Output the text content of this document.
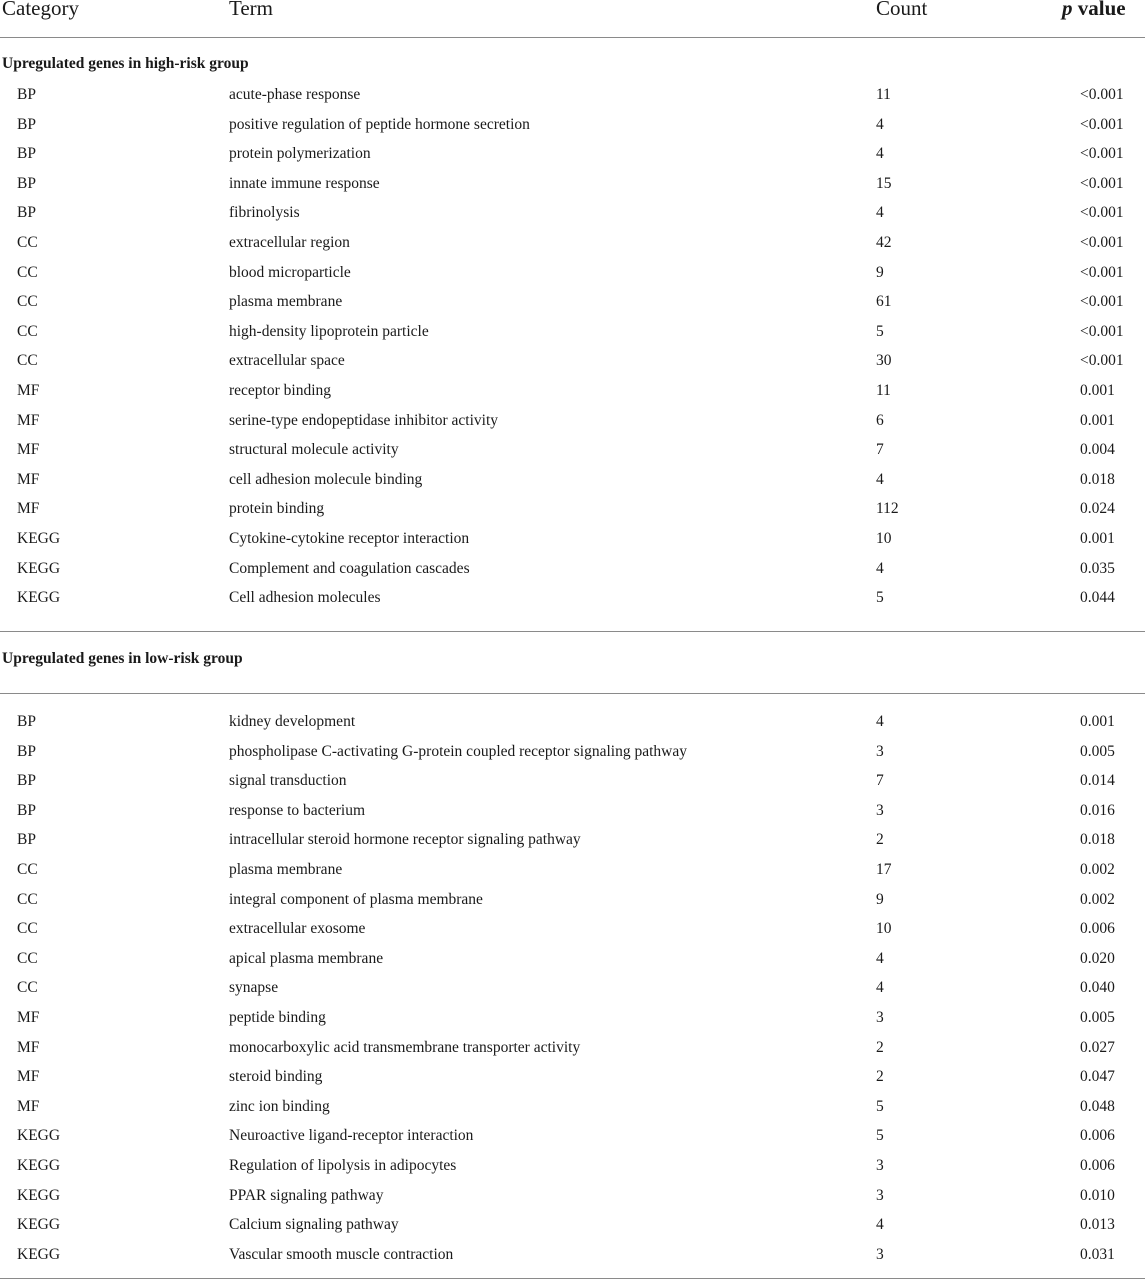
Category	Term	Count	p value
Upregulated genes in high-risk group
BP	acute-phase response	11	<0.001
BP	positive regulation of peptide hormone secretion	4	<0.001
BP	protein polymerization	4	<0.001
BP	innate immune response	15	<0.001
BP	fibrinolysis	4	<0.001
CC	extracellular region	42	<0.001
CC	blood microparticle	9	<0.001
CC	plasma membrane	61	<0.001
CC	high-density lipoprotein particle	5	<0.001
CC	extracellular space	30	<0.001
MF	receptor binding	11	0.001
MF	serine-type endopeptidase inhibitor activity	6	0.001
MF	structural molecule activity	7	0.004
MF	cell adhesion molecule binding	4	0.018
MF	protein binding	112	0.024
KEGG	Cytokine-cytokine receptor interaction	10	0.001
KEGG	Complement and coagulation cascades	4	0.035
KEGG	Cell adhesion molecules	5	0.044
Upregulated genes in low-risk group
BP	kidney development	4	0.001
BP	phospholipase C-activating G-protein coupled receptor signaling pathway	3	0.005
BP	signal transduction	7	0.014
BP	response to bacterium	3	0.016
BP	intracellular steroid hormone receptor signaling pathway	2	0.018
CC	plasma membrane	17	0.002
CC	integral component of plasma membrane	9	0.002
CC	extracellular exosome	10	0.006
CC	apical plasma membrane	4	0.020
CC	synapse	4	0.040
MF	peptide binding	3	0.005
MF	monocarboxylic acid transmembrane transporter activity	2	0.027
MF	steroid binding	2	0.047
MF	zinc ion binding	5	0.048
KEGG	Neuroactive ligand-receptor interaction	5	0.006
KEGG	Regulation of lipolysis in adipocytes	3	0.006
KEGG	PPAR signaling pathway	3	0.010
KEGG	Calcium signaling pathway	4	0.013
KEGG	Vascular smooth muscle contraction	3	0.031
